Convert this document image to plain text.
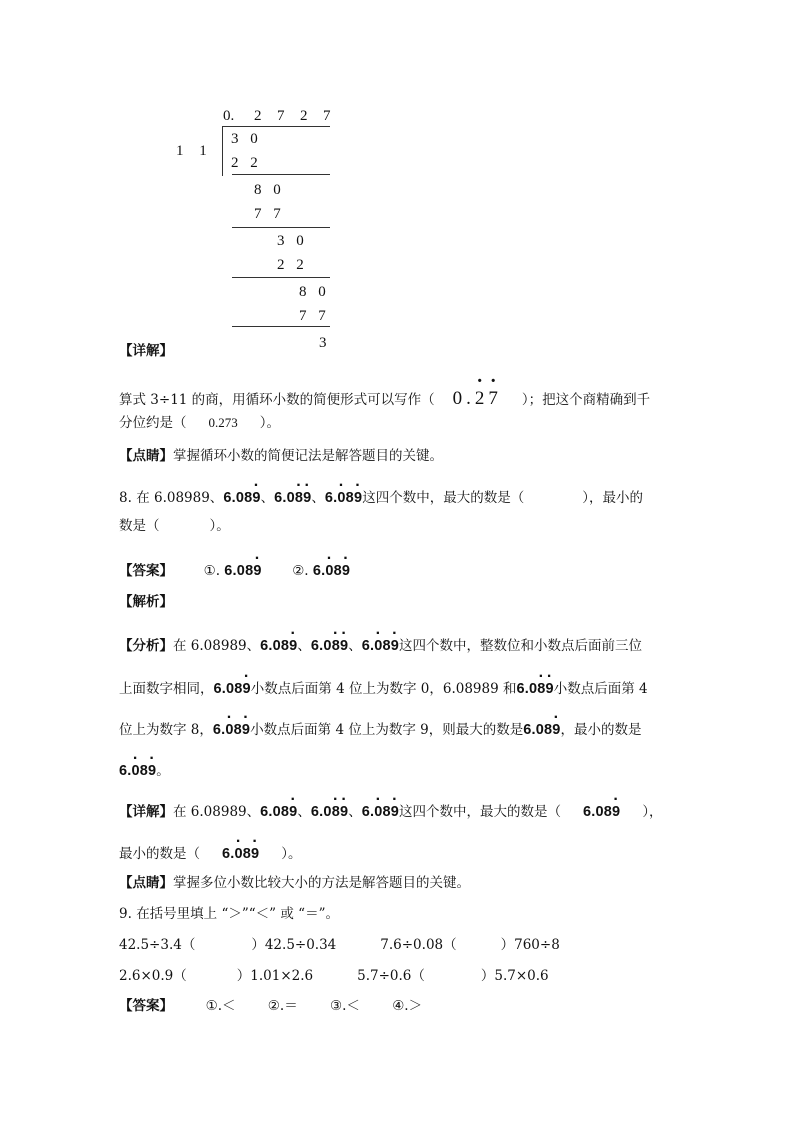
0. 2 7 2 7
1 1
3 0
2 2
8 0
7 7
3 0
2 2
8 0
7 7
3
【详解】
算式 3÷11 的商，用循环小数的简便形式可以写作（ 0.· 2· 7 ）；把这个商精确到千
分位约是（ 0.273 ）。
【点睛】掌握循环小数的简便记法是解答题目的关键。
8. 在 6.08989、6.08· 9、6.0· 8· 9、6.· 08· 9这四个数中，最大的数是（	），最小的
数是（	）。
【答案】 ①. 6.08· 9 ②. 6.· 08· 9
【解析】
【分析】在 6.08989、6.08· 9、6.0· 8· 9、6.· 08· 9这四个数中，整数位和小数点后面前三位
上面数字相同，6.08· 9小数点后面第 4 位上为数字 0，6.08989 和6.0· 8· 9小数点后面第 4
位上为数字 8，6.· 08· 9小数点后面第 4 位上为数字 9，则最大的数是6.08· 9，最小的数是
6.· 08· 9。
【详解】在 6.08989、6.08· 9、6.0· 8· 9、6.· 08· 9这四个数中，最大的数是（ 6.08· 9 ），
最小的数是（ 6.· 08· 9 ）。
【点睛】掌握多位小数比较大小的方法是解答题目的关键。
9. 在括号里填上 “＞”“＜” 或 “＝”。
42.5÷3.4（	）42.5÷0.34	7.6÷0.08（	）760÷8
2.6×0.9（	）1.01×2.6	5.7÷0.6（	）5.7×0.6
【答案】 ①.＜ ②.＝ ③.＜ ④.＞
